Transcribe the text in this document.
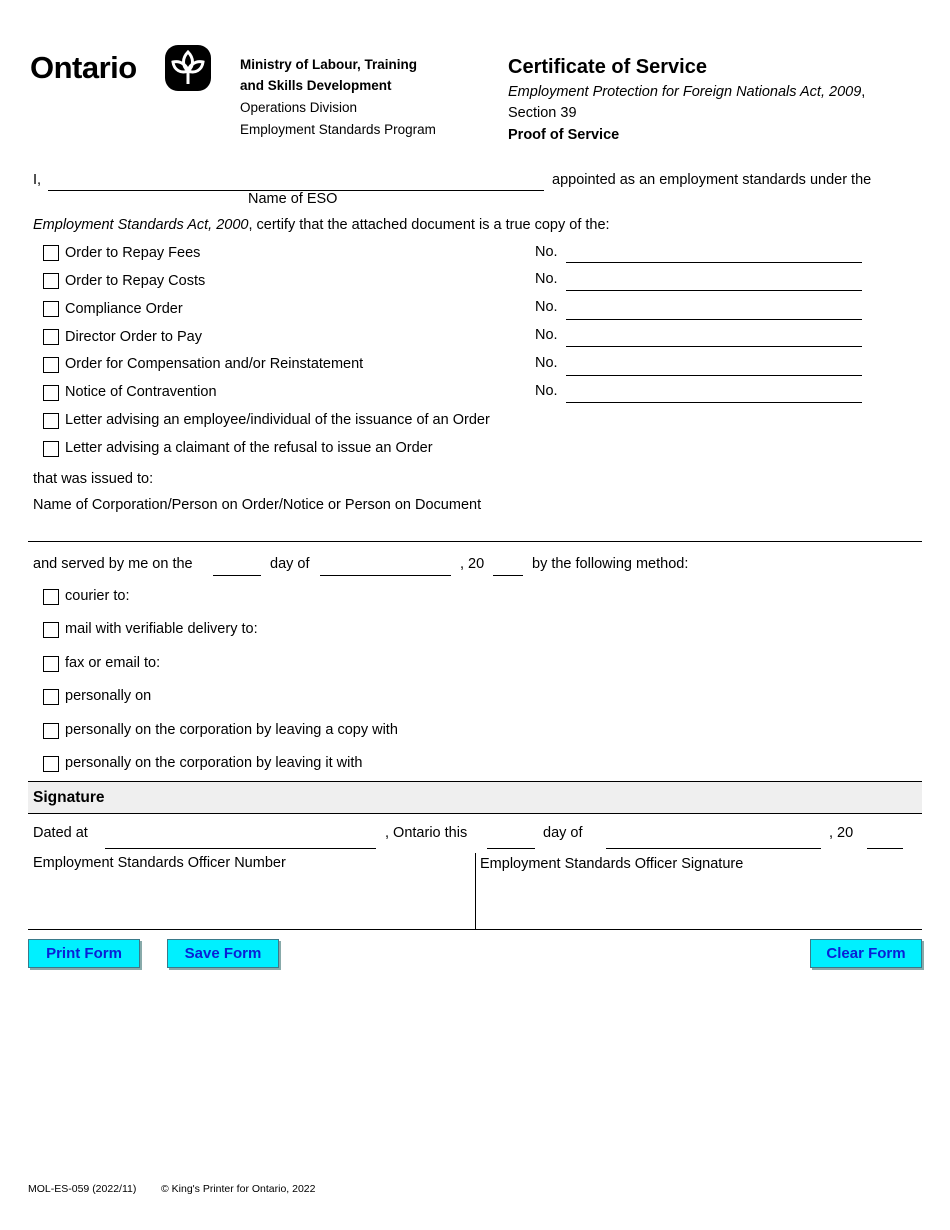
Ontario	Ministry of Labour, Training
and Skills Development
Operations Division
Employment Standards Program
Certificate of Service
Employment Protection for Foreign Nationals Act, 2009,
Section 39
Proof of Service
I,	appointed as an employment standards under the
Name of ESO
Employment Standards Act, 2000, certify that the attached document is a true copy of the:
Order to Repay Fees	No.
Order to Repay Costs	No.
Compliance Order	No.
Director Order to Pay	No.
Order for Compensation and/or Reinstatement	No.
Notice of Contravention	No.
Letter advising an employee/individual of the issuance of an Order
Letter advising a claimant of the refusal to issue an Order
that was issued to:
Name of Corporation/Person on Order/Notice or Person on Document
and served by me on the	day of	, 20	by the following method:
courier to:
mail with verifiable delivery to:
fax or email to:
personally on
personally on the corporation by leaving a copy with
personally on the corporation by leaving it with
Signature
Dated at	, Ontario this	day of	, 20
Employment Standards Officer Number	Employment Standards Officer Signature
Print Form	Save Form	Clear Form
MOL-ES-059 (2022/11) © King's Printer for Ontario, 2022
